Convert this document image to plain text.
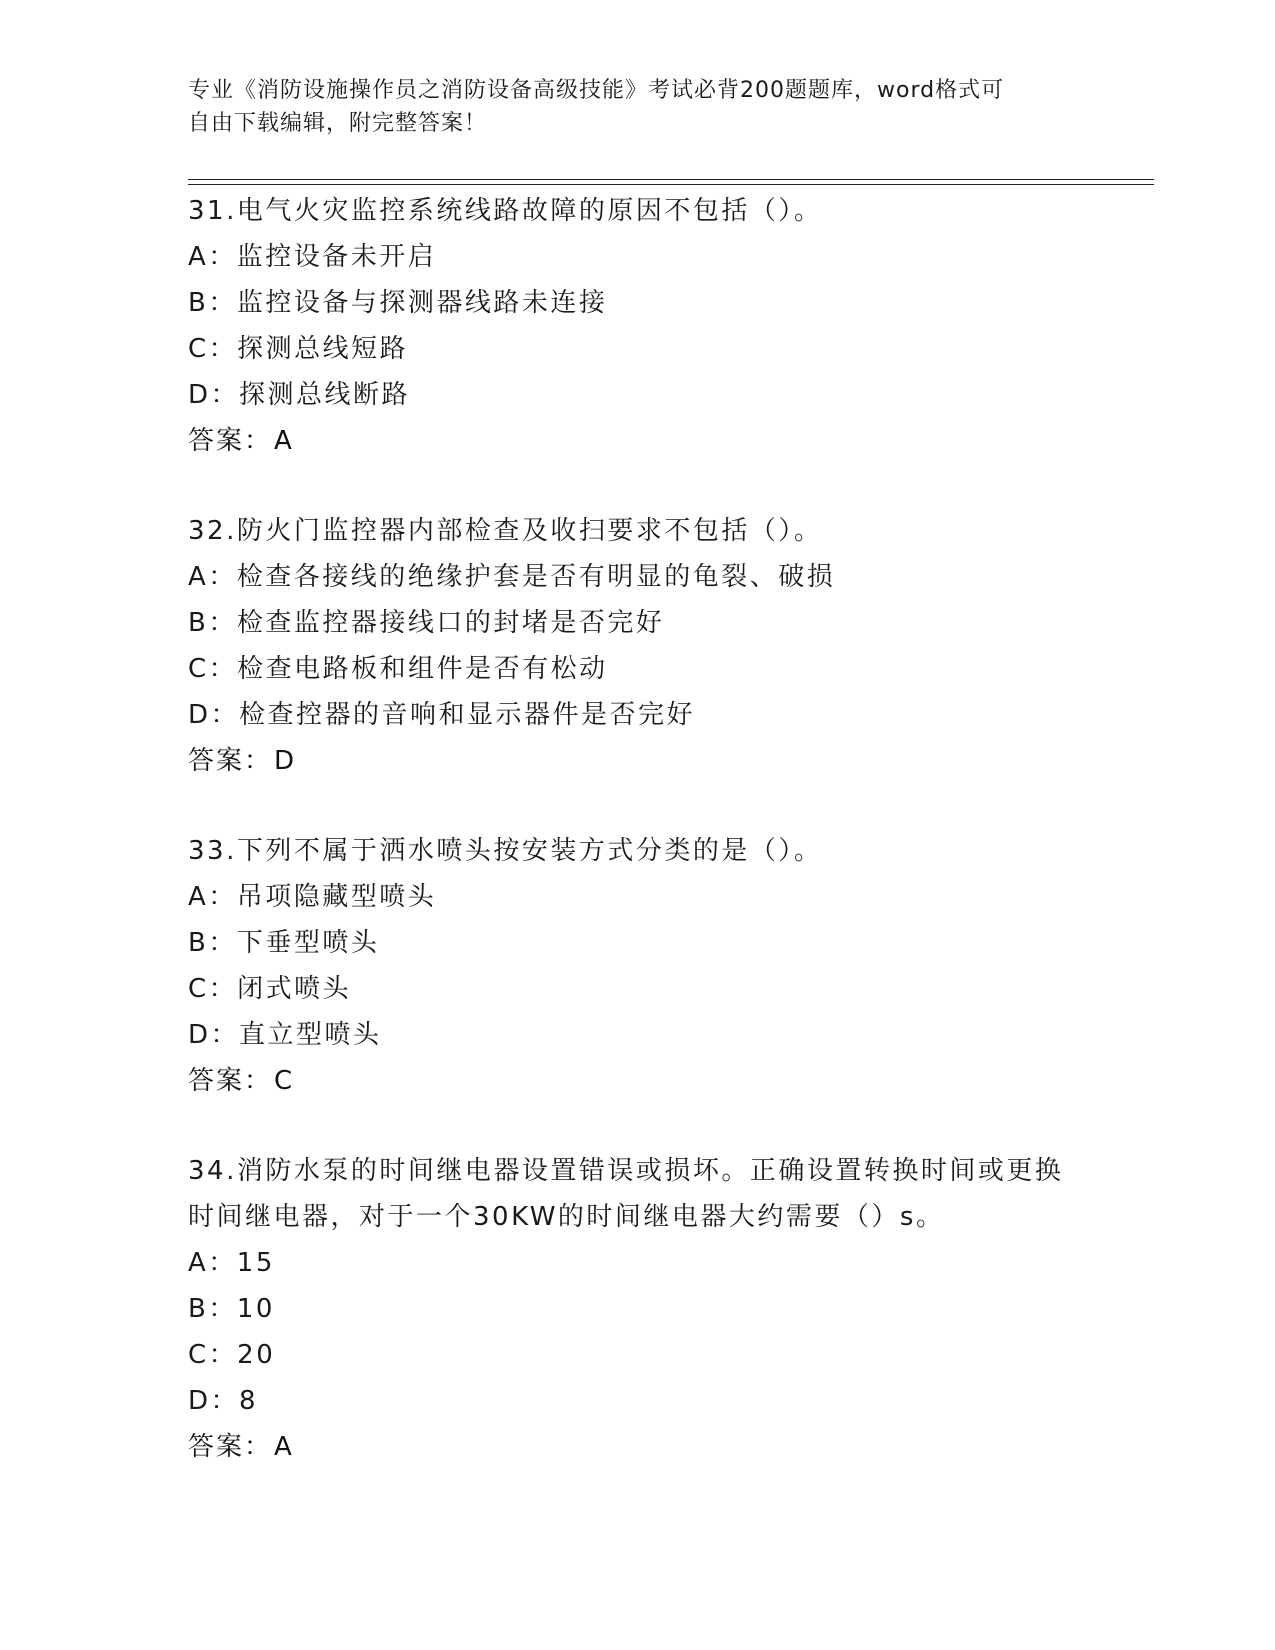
专业《消防设施操作员之消防设备高级技能》考试必背200题题库，word格式可
自由下载编辑，附完整答案！
31.电气火灾监控系统线路故障的原因不包括（）。
A：监控设备未开启
B：监控设备与探测器线路未连接
C：探测总线短路
D：探测总线断路
答案：A
32.防火门监控器内部检查及收扫要求不包括（）。
A：检查各接线的绝缘护套是否有明显的龟裂、破损
B：检查监控器接线口的封堵是否完好
C：检查电路板和组件是否有松动
D：检查控器的音响和显示器件是否完好
答案：D
33.下列不属于洒水喷头按安装方式分类的是（）。
A：吊项隐藏型喷头
B：下垂型喷头
C：闭式喷头
D：直立型喷头
答案：C
34.消防水泵的时间继电器设置错误或损坏。正确设置转换时间或更换
时间继电器，对于一个30KW的时间继电器大约需要（）s。
A：15
B：10
C：20
D：8
答案：A
